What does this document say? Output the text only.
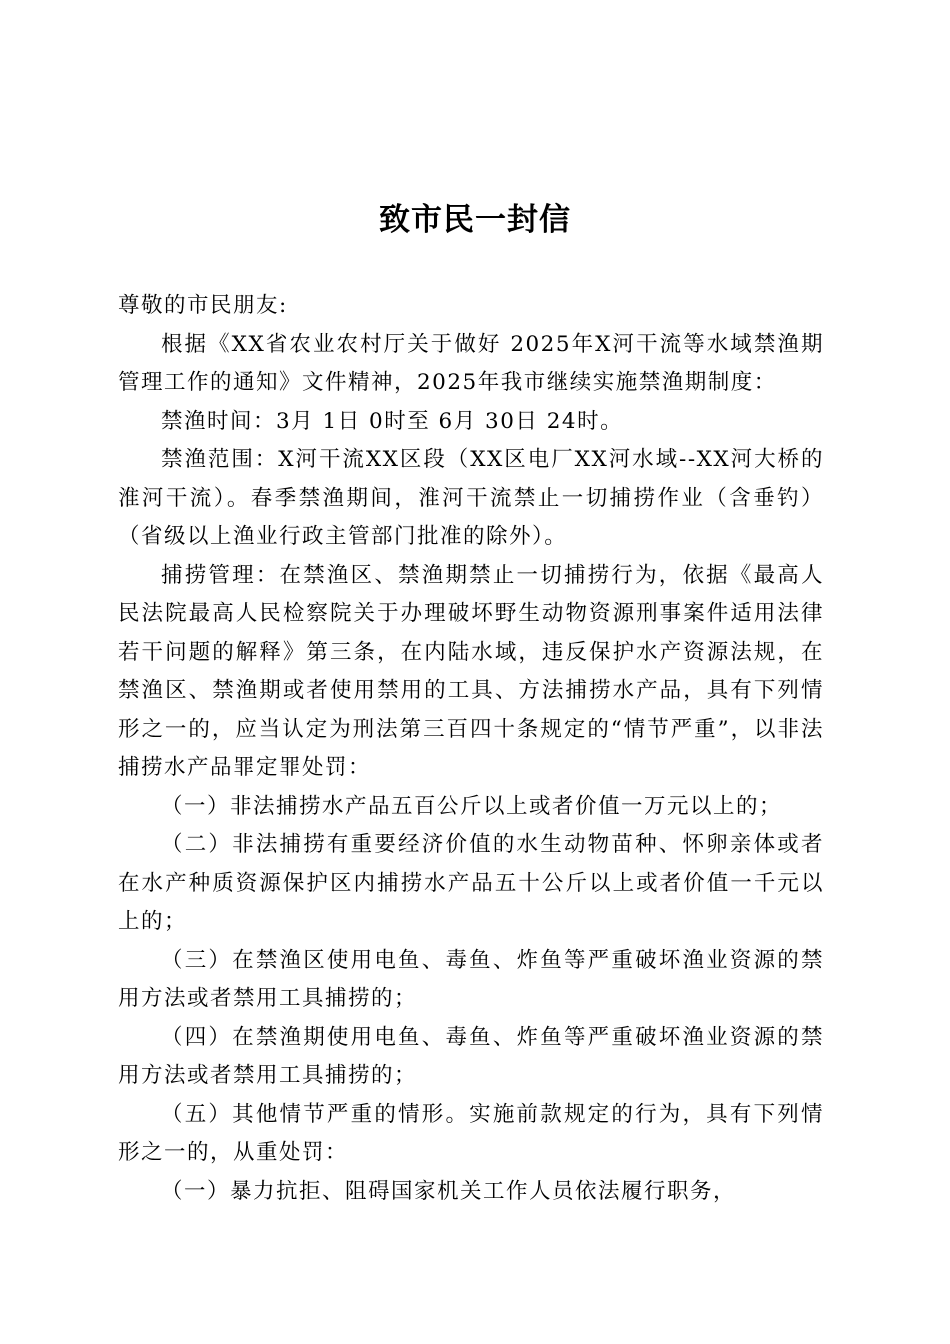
致市民一封信

尊敬的市民朋友:

根据《XX省农业农村厅关于做好 2025年X河干流等水域禁渔期管理工作的通知》文件精神，2025年我市继续实施禁渔期制度：

禁渔时间：3月 1日 0时至 6月 30日 24时。

禁渔范围：X河干流XX区段（XX区电厂XX河水域--XX河大桥的淮河干流）。春季禁渔期间，淮河干流禁止一切捕捞作业（含垂钓）（省级以上渔业行政主管部门批准的除外）。

捕捞管理：在禁渔区、禁渔期禁止一切捕捞行为，依据《最高人民法院最高人民检察院关于办理破坏野生动物资源刑事案件适用法律若干问题的解释》第三条，在内陆水域，违反保护水产资源法规，在禁渔区、禁渔期或者使用禁用的工具、方法捕捞水产品，具有下列情形之一的，应当认定为刑法第三百四十条规定的“情节严重”，以非法捕捞水产品罪定罪处罚：

（一）非法捕捞水产品五百公斤以上或者价值一万元以上的；

（二）非法捕捞有重要经济价值的水生动物苗种、怀卵亲体或者在水产种质资源保护区内捕捞水产品五十公斤以上或者价值一千元以上的；

（三）在禁渔区使用电鱼、毒鱼、炸鱼等严重破坏渔业资源的禁用方法或者禁用工具捕捞的；

（四）在禁渔期使用电鱼、毒鱼、炸鱼等严重破坏渔业资源的禁用方法或者禁用工具捕捞的；

（五）其他情节严重的情形。实施前款规定的行为，具有下列情形之一的，从重处罚：

（一）暴力抗拒、阻碍国家机关工作人员依法履行职务，
